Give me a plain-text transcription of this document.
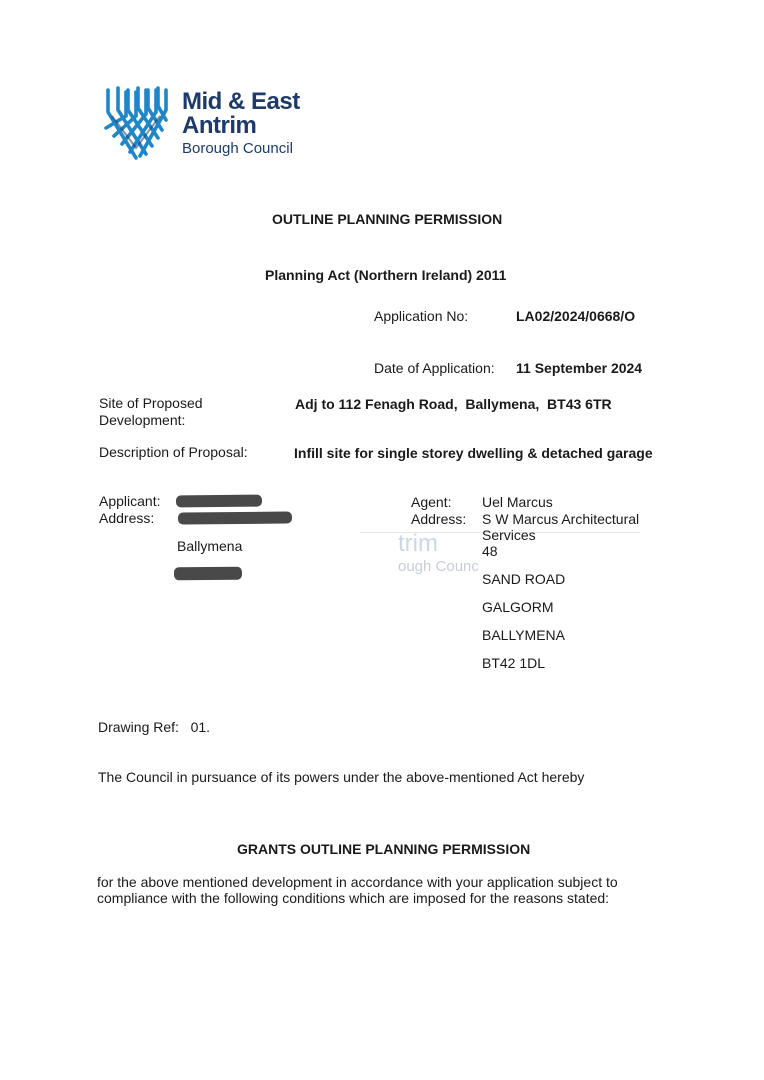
Mid & East
Antrim
Borough Council
OUTLINE PLANNING PERMISSION
Planning Act (Northern Ireland) 2011
Application No:	LA02/2024/0668/O
Date of Application: 11 September 2024
Site of Proposed
Development:
Adj to 112 Fenagh Road,  Ballymena,  BT43 6TR
Description of Proposal:	Infill site for single storey dwelling & detached garage
trim
ough Counc
Applicant:
Address:
Ballymena
Agent: Uel Marcus
Address: S W Marcus Architectural
Services
48
SAND ROAD
GALGORM
BALLYMENA
BT42 1DL
Drawing Ref:   01.
The Council in pursuance of its powers under the above-mentioned Act hereby
GRANTS OUTLINE PLANNING PERMISSION
for the above mentioned development in accordance with your application subject to
compliance with the following conditions which are imposed for the reasons stated:
